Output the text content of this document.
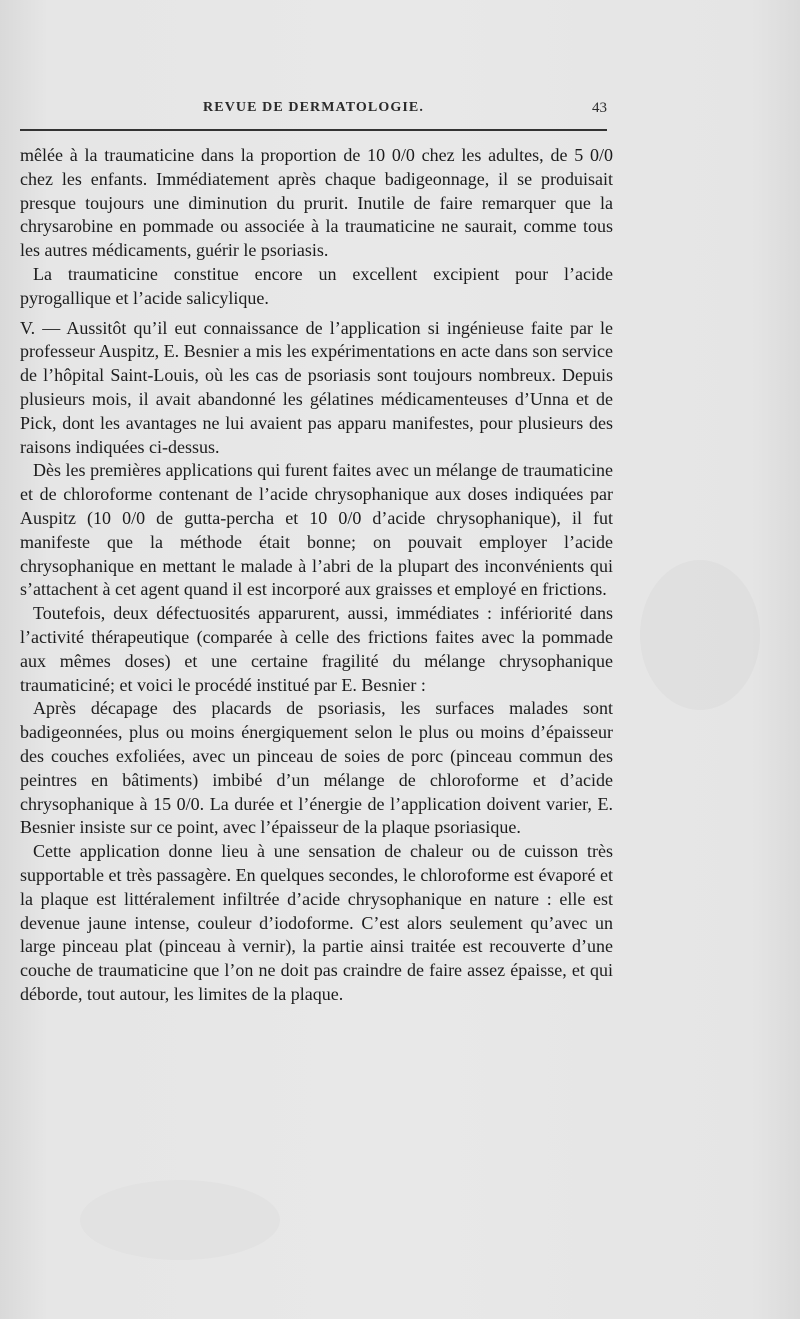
REVUE DE DERMATOLOGIE.	43

mêlée à la traumaticine dans la proportion de 10 0/0 chez les adultes, de 5 0/0 chez les enfants. Immédiatement après chaque badigeonnage, il se produisait presque toujours une diminution du prurit. Inutile de faire remarquer que la chrysarobine en pommade ou associée à la traumaticine ne saurait, comme tous les autres médicaments, guérir le psoriasis.

La traumaticine constitue encore un excellent excipient pour l’acide pyrogallique et l’acide salicylique.

V. — Aussitôt qu’il eut connaissance de l’application si ingénieuse faite par le professeur Auspitz, E. Besnier a mis les expérimentations en acte dans son service de l’hôpital Saint-Louis, où les cas de psoriasis sont toujours nombreux. Depuis plusieurs mois, il avait abandonné les gélatines médicamenteuses d’Unna et de Pick, dont les avantages ne lui avaient pas apparu manifestes, pour plusieurs des raisons indiquées ci-dessus.

Dès les premières applications qui furent faites avec un mélange de traumaticine et de chloroforme contenant de l’acide chrysophanique aux doses indiquées par Auspitz (10 0/0 de gutta-percha et 10 0/0 d’acide chrysophanique), il fut manifeste que la méthode était bonne; on pouvait employer l’acide chrysophanique en mettant le malade à l’abri de la plupart des inconvénients qui s’attachent à cet agent quand il est incorporé aux graisses et employé en frictions.

Toutefois, deux défectuosités apparurent, aussi, immédiates : infériorité dans l’activité thérapeutique (comparée à celle des frictions faites avec la pommade aux mêmes doses) et une certaine fragilité du mélange chrysophanique traumaticiné; et voici le procédé institué par E. Besnier :

Après décapage des placards de psoriasis, les surfaces malades sont badigeonnées, plus ou moins énergiquement selon le plus ou moins d’épaisseur des couches exfoliées, avec un pinceau de soies de porc (pinceau commun des peintres en bâtiments) imbibé d’un mélange de chloroforme et d’acide chrysophanique à 15 0/0. La durée et l’énergie de l’application doivent varier, E. Besnier insiste sur ce point, avec l’épaisseur de la plaque psoriasique.

Cette application donne lieu à une sensation de chaleur ou de cuisson très supportable et très passagère. En quelques secondes, le chloroforme est évaporé et la plaque est littéralement infiltrée d’acide chrysophanique en nature : elle est devenue jaune intense, couleur d’iodoforme. C’est alors seulement qu’avec un large pinceau plat (pinceau à vernir), la partie ainsi traitée est recouverte d’une couche de traumaticine que l’on ne doit pas craindre de faire assez épaisse, et qui déborde, tout autour, les limites de la plaque.
